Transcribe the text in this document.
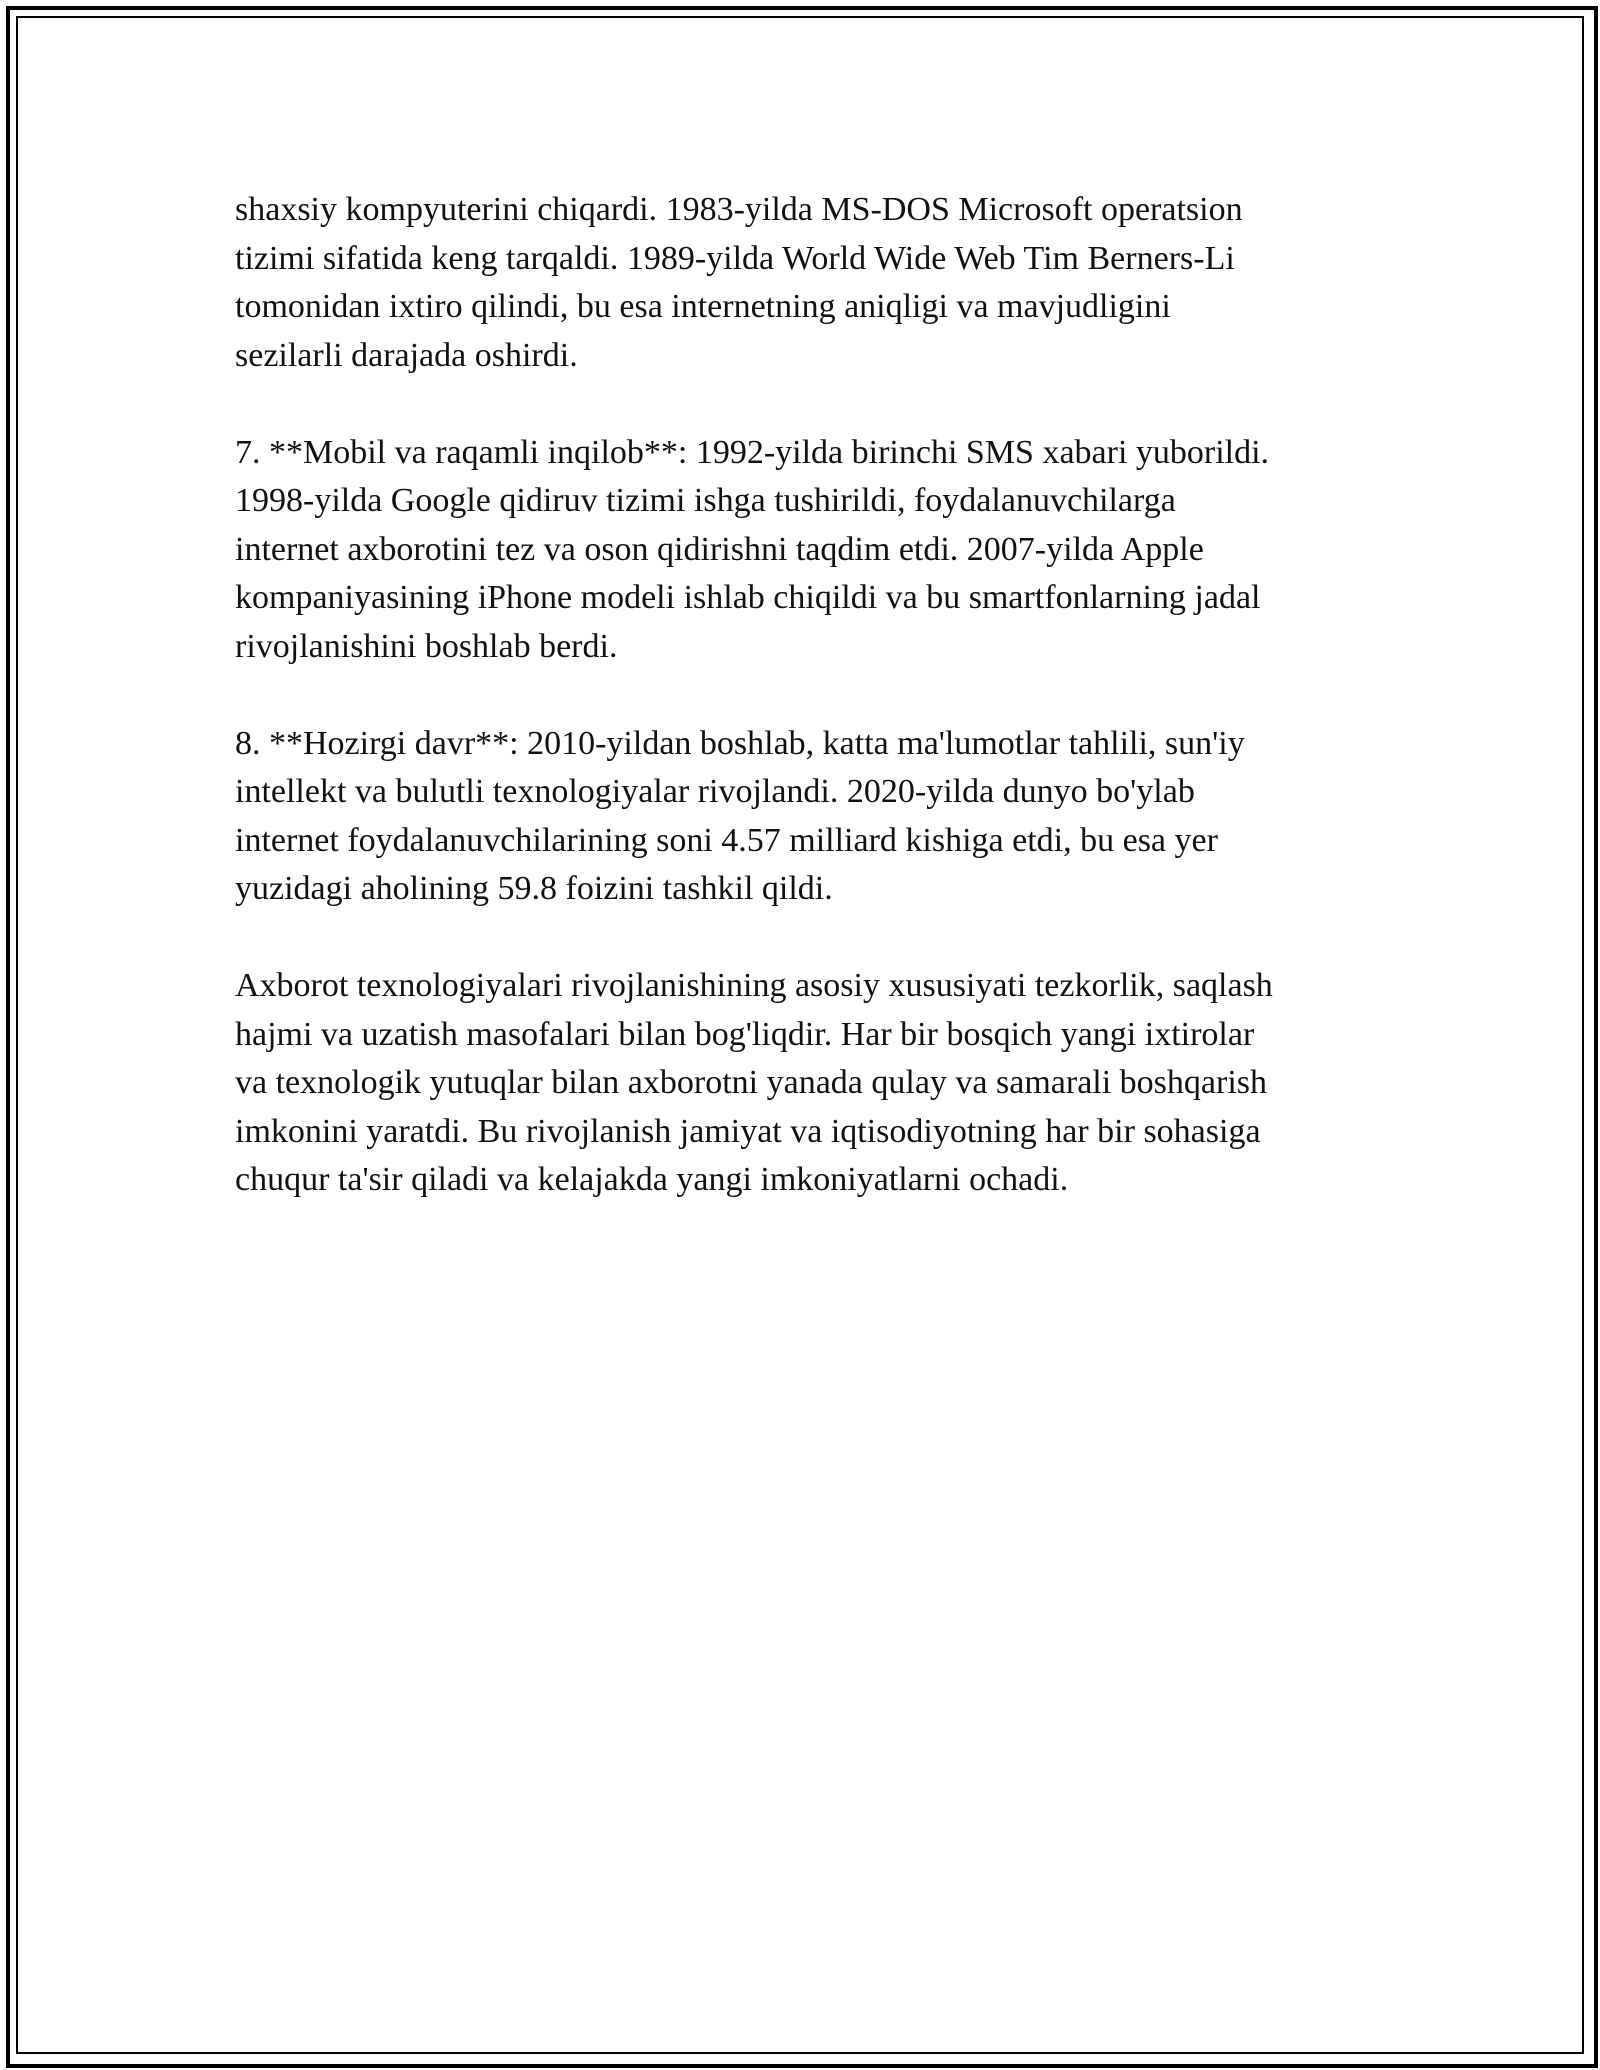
shaxsiy kompyuterini chiqardi. 1983-yilda MS-DOS Microsoft operatsion
tizimi sifatida keng tarqaldi. 1989-yilda World Wide Web Tim Berners-Li
tomonidan ixtiro qilindi, bu esa internetning aniqligi va mavjudligini
sezilarli darajada oshirdi.

7. **Mobil va raqamli inqilob**: 1992-yilda birinchi SMS xabari yuborildi.
1998-yilda Google qidiruv tizimi ishga tushirildi, foydalanuvchilarga
internet axborotini tez va oson qidirishni taqdim etdi. 2007-yilda Apple
kompaniyasining iPhone modeli ishlab chiqildi va bu smartfonlarning jadal
rivojlanishini boshlab berdi.

8. **Hozirgi davr**: 2010-yildan boshlab, katta ma'lumotlar tahlili, sun'iy
intellekt va bulutli texnologiyalar rivojlandi. 2020-yilda dunyo bo'ylab
internet foydalanuvchilarining soni 4.57 milliard kishiga etdi, bu esa yer
yuzidagi aholining 59.8 foizini tashkil qildi.

Axborot texnologiyalari rivojlanishining asosiy xususiyati tezkorlik, saqlash
hajmi va uzatish masofalari bilan bog'liqdir. Har bir bosqich yangi ixtirolar
va texnologik yutuqlar bilan axborotni yanada qulay va samarali boshqarish
imkonini yaratdi. Bu rivojlanish jamiyat va iqtisodiyotning har bir sohasiga
chuqur ta'sir qiladi va kelajakda yangi imkoniyatlarni ochadi.
